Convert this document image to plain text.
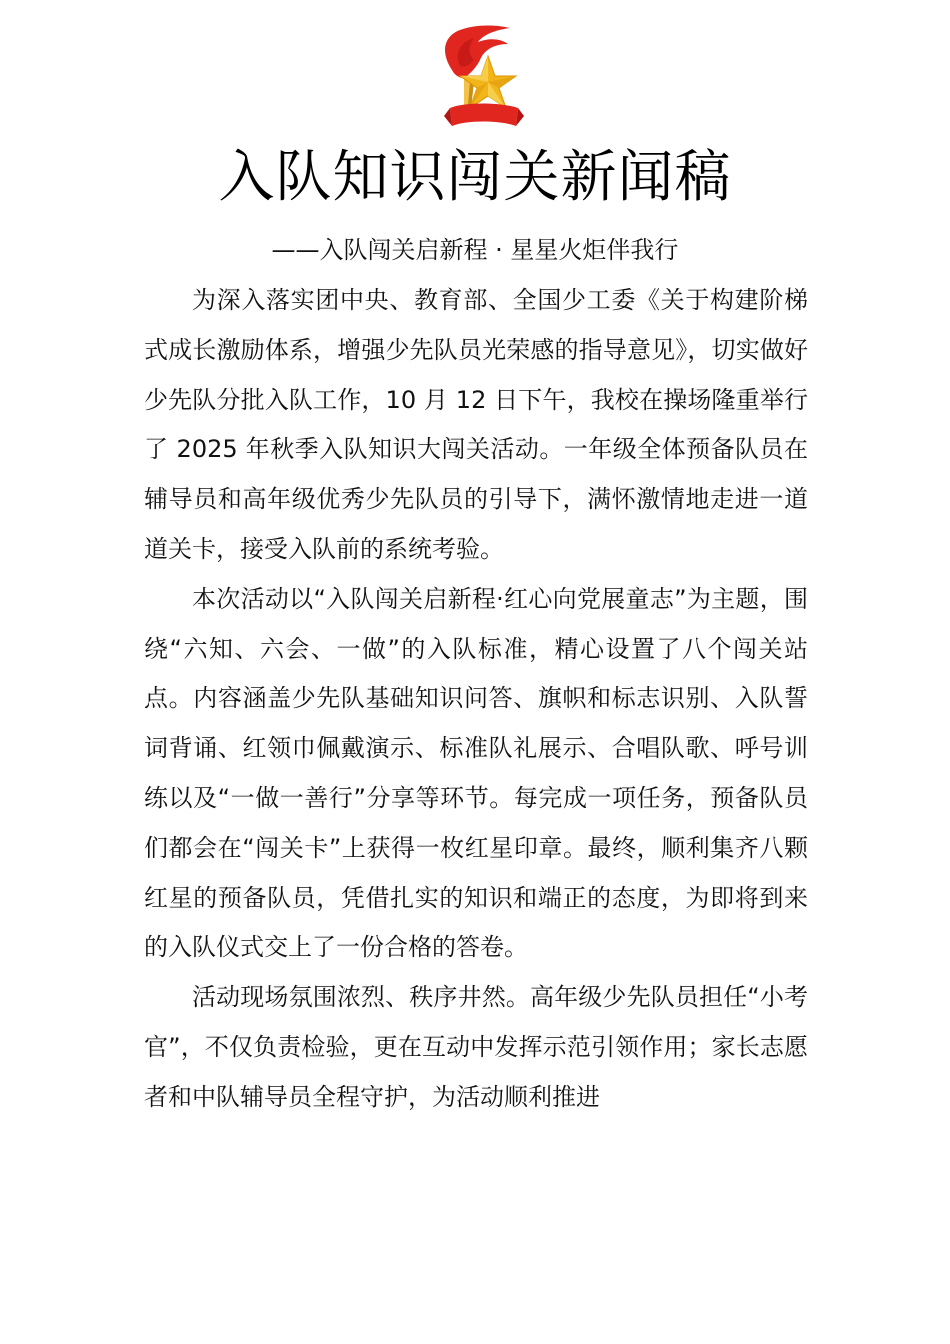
入队知识闯关新闻稿
——入队闯关启新程 · 星星火炬伴我行

为深入落实团中央、教育部、全国少工委《关于构建阶梯式成长激励体系，增强少先队员光荣感的指导意见》，切实做好少先队分批入队工作，10 月 12 日下午，我校在操场隆重举行了 2025 年秋季入队知识大闯关活动。一年级全体预备队员在辅导员和高年级优秀少先队员的引导下，满怀激情地走进一道道关卡，接受入队前的系统考验。

本次活动以“入队闯关启新程·红心向党展童志”为主题，围绕“六知、六会、一做”的入队标准，精心设置了八个闯关站点。内容涵盖少先队基础知识问答、旗帜和标志识别、入队誓词背诵、红领巾佩戴演示、标准队礼展示、合唱队歌、呼号训练以及“一做一善行”分享等环节。每完成一项任务，预备队员们都会在“闯关卡”上获得一枚红星印章。最终，顺利集齐八颗红星的预备队员，凭借扎实的知识和端正的态度，为即将到来的入队仪式交上了一份合格的答卷。

活动现场氛围浓烈、秩序井然。高年级少先队员担任“小考官”，不仅负责检验，更在互动中发挥示范引领作用；家长志愿者和中队辅导员全程守护，为活动顺利推进
